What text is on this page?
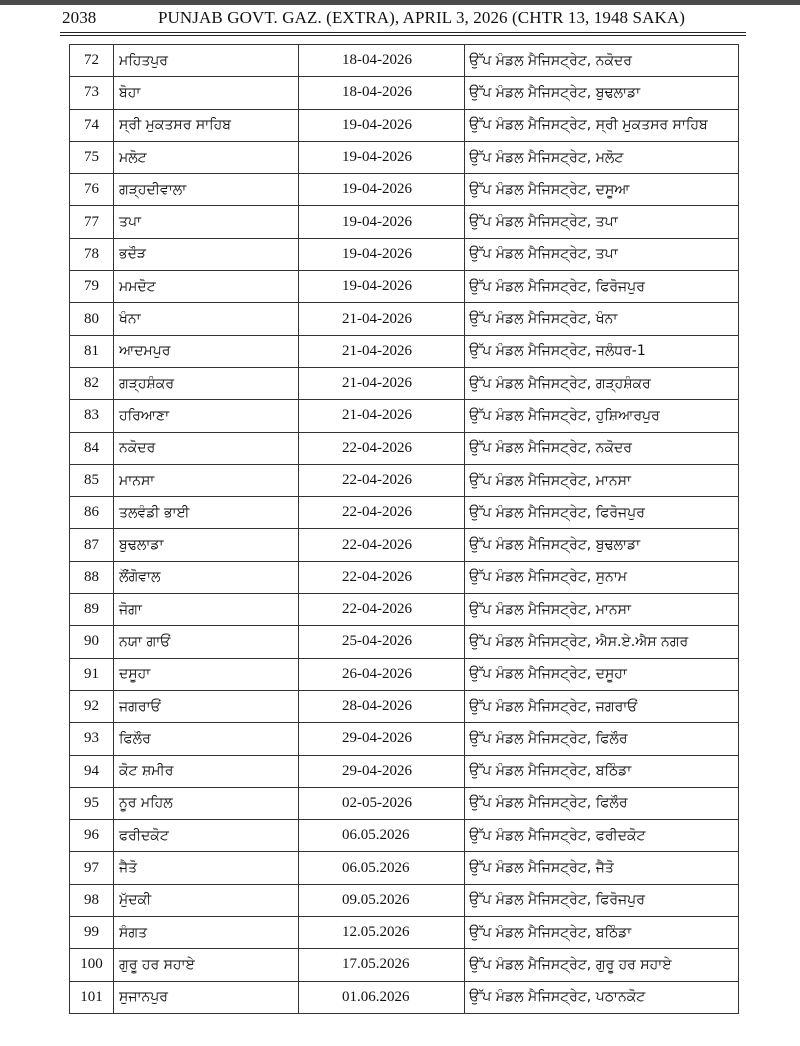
2038	PUNJAB GOVT. GAZ. (EXTRA), APRIL 3, 2026 (CHTR 13, 1948 SAKA)
72	ਮਹਿਤਪੁਰ	18-04-2026	ਉੱਪ ਮੰਡਲ ਮੈਜਿਸਟ੍ਰੇਟ, ਨਕੋਦਰ
73	ਬੋਹਾ	18-04-2026	ਉੱਪ ਮੰਡਲ ਮੈਜਿਸਟ੍ਰੇਟ, ਬੁਢਲਾਡਾ
74	ਸ੍ਰੀ ਮੁਕਤਸਰ ਸਾਹਿਬ	19-04-2026	ਉੱਪ ਮੰਡਲ ਮੈਜਿਸਟ੍ਰੇਟ, ਸ੍ਰੀ ਮੁਕਤਸਰ ਸਾਹਿਬ
75	ਮਲੋਟ	19-04-2026	ਉੱਪ ਮੰਡਲ ਮੈਜਿਸਟ੍ਰੇਟ, ਮਲੋਟ
76	ਗੜ੍ਹਦੀਵਾਲਾ	19-04-2026	ਉੱਪ ਮੰਡਲ ਮੈਜਿਸਟ੍ਰੇਟ, ਦਸੂਆ
77	ਤਪਾ	19-04-2026	ਉੱਪ ਮੰਡਲ ਮੈਜਿਸਟ੍ਰੇਟ, ਤਪਾ
78	ਭਦੌੜ	19-04-2026	ਉੱਪ ਮੰਡਲ ਮੈਜਿਸਟ੍ਰੇਟ, ਤਪਾ
79	ਮਮਦੋਟ	19-04-2026	ਉੱਪ ਮੰਡਲ ਮੈਜਿਸਟ੍ਰੇਟ, ਫਿਰੋਜਪੁਰ
80	ਖੰਨਾ	21-04-2026	ਉੱਪ ਮੰਡਲ ਮੈਜਿਸਟ੍ਰੇਟ, ਖੰਨਾ
81	ਆਦਮਪੁਰ	21-04-2026	ਉੱਪ ਮੰਡਲ ਮੈਜਿਸਟ੍ਰੇਟ, ਜਲੰਧਰ-1
82	ਗੜ੍ਹਸ਼ੰਕਰ	21-04-2026	ਉੱਪ ਮੰਡਲ ਮੈਜਿਸਟ੍ਰੇਟ, ਗੜ੍ਹਸ਼ੰਕਰ
83	ਹਰਿਆਣਾ	21-04-2026	ਉੱਪ ਮੰਡਲ ਮੈਜਿਸਟ੍ਰੇਟ, ਹੁਸ਼ਿਆਰਪੁਰ
84	ਨਕੋਦਰ	22-04-2026	ਉੱਪ ਮੰਡਲ ਮੈਜਿਸਟ੍ਰੇਟ, ਨਕੋਦਰ
85	ਮਾਨਸਾ	22-04-2026	ਉੱਪ ਮੰਡਲ ਮੈਜਿਸਟ੍ਰੇਟ, ਮਾਨਸਾ
86	ਤਲਵੰਡੀ ਭਾਈ	22-04-2026	ਉੱਪ ਮੰਡਲ ਮੈਜਿਸਟ੍ਰੇਟ, ਫਿਰੋਜਪੁਰ
87	ਬੁਢਲਾਡਾ	22-04-2026	ਉੱਪ ਮੰਡਲ ਮੈਜਿਸਟ੍ਰੇਟ, ਬੁਢਲਾਡਾ
88	ਲੌਂਗੋਵਾਲ	22-04-2026	ਉੱਪ ਮੰਡਲ ਮੈਜਿਸਟ੍ਰੇਟ, ਸੁਨਾਮ
89	ਜੋਗਾ	22-04-2026	ਉੱਪ ਮੰਡਲ ਮੈਜਿਸਟ੍ਰੇਟ, ਮਾਨਸਾ
90	ਨਯਾ ਗਾਓਂ	25-04-2026	ਉੱਪ ਮੰਡਲ ਮੈਜਿਸਟ੍ਰੇਟ, ਐਸ.ਏ.ਐਸ ਨਗਰ
91	ਦਸੂਹਾ	26-04-2026	ਉੱਪ ਮੰਡਲ ਮੈਜਿਸਟ੍ਰੇਟ, ਦਸੂਹਾ
92	ਜਗਰਾਓਂ	28-04-2026	ਉੱਪ ਮੰਡਲ ਮੈਜਿਸਟ੍ਰੇਟ, ਜਗਰਾਓਂ
93	ਫਿਲੌਰ	29-04-2026	ਉੱਪ ਮੰਡਲ ਮੈਜਿਸਟ੍ਰੇਟ, ਫਿਲੌਰ
94	ਕੋਟ ਸ਼ਮੀਰ	29-04-2026	ਉੱਪ ਮੰਡਲ ਮੈਜਿਸਟ੍ਰੇਟ, ਬਠਿੰਡਾ
95	ਨੂਰ ਮਹਿਲ	02-05-2026	ਉੱਪ ਮੰਡਲ ਮੈਜਿਸਟ੍ਰੇਟ, ਫਿਲੌਰ
96	ਫਰੀਦਕੋਟ	06.05.2026	ਉੱਪ ਮੰਡਲ ਮੈਜਿਸਟ੍ਰੇਟ, ਫਰੀਦਕੋਟ
97	ਜੈਤੋ	06.05.2026	ਉੱਪ ਮੰਡਲ ਮੈਜਿਸਟ੍ਰੇਟ, ਜੈਤੋ
98	ਮੁੱਦਕੀ	09.05.2026	ਉੱਪ ਮੰਡਲ ਮੈਜਿਸਟ੍ਰੇਟ, ਫਿਰੋਜਪੁਰ
99	ਸੰਗਤ	12.05.2026	ਉੱਪ ਮੰਡਲ ਮੈਜਿਸਟ੍ਰੇਟ, ਬਠਿੰਡਾ
100	ਗੁਰੂ ਹਰ ਸਹਾਏ	17.05.2026	ਉੱਪ ਮੰਡਲ ਮੈਜਿਸਟ੍ਰੇਟ, ਗੁਰੂ ਹਰ ਸਹਾਏ
101	ਸੁਜਾਨਪੁਰ	01.06.2026	ਉੱਪ ਮੰਡਲ ਮੈਜਿਸਟ੍ਰੇਟ, ਪਠਾਨਕੋਟ
